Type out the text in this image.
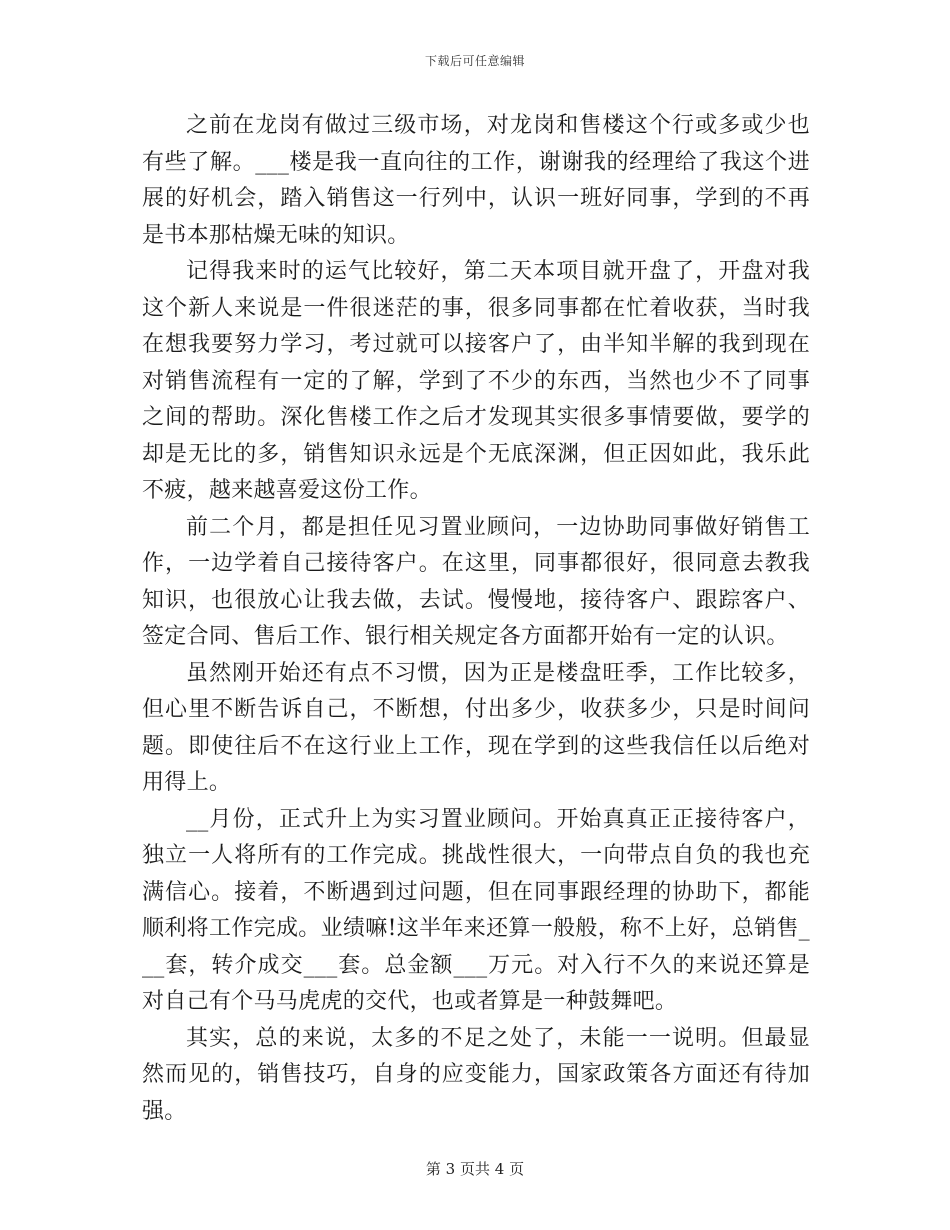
下载后可任意编辑

之前在龙岗有做过三级市场，对龙岗和售楼这个行或多或少也有些了解。___楼是我一直向往的工作，谢谢我的经理给了我这个进展的好机会，踏入销售这一行列中，认识一班好同事，学到的不再是书本那枯燥无味的知识。

记得我来时的运气比较好，第二天本项目就开盘了，开盘对我这个新人来说是一件很迷茫的事，很多同事都在忙着收获，当时我在想我要努力学习，考过就可以接客户了，由半知半解的我到现在对销售流程有一定的了解，学到了不少的东西，当然也少不了同事之间的帮助。深化售楼工作之后才发现其实很多事情要做，要学的却是无比的多，销售知识永远是个无底深渊，但正因如此，我乐此不疲，越来越喜爱这份工作。

前二个月，都是担任见习置业顾问，一边协助同事做好销售工作，一边学着自己接待客户。在这里，同事都很好，很同意去教我知识，也很放心让我去做，去试。慢慢地，接待客户、跟踪客户、签定合同、售后工作、银行相关规定各方面都开始有一定的认识。

虽然刚开始还有点不习惯，因为正是楼盘旺季，工作比较多，但心里不断告诉自己，不断想，付出多少，收获多少，只是时间问题。即使往后不在这行业上工作，现在学到的这些我信任以后绝对用得上。

__月份，正式升上为实习置业顾问。开始真真正正接待客户，独立一人将所有的工作完成。挑战性很大，一向带点自负的我也充满信心。接着，不断遇到过问题，但在同事跟经理的协助下，都能顺利将工作完成。业绩嘛!这半年来还算一般般，称不上好，总销售___套，转介成交___套。总金额___万元。对入行不久的来说还算是对自己有个马马虎虎的交代，也或者算是一种鼓舞吧。

其实，总的来说，太多的不足之处了，未能一一说明。但最显然而见的，销售技巧，自身的应变能力，国家政策各方面还有待加强。

第 3 页共 4 页
